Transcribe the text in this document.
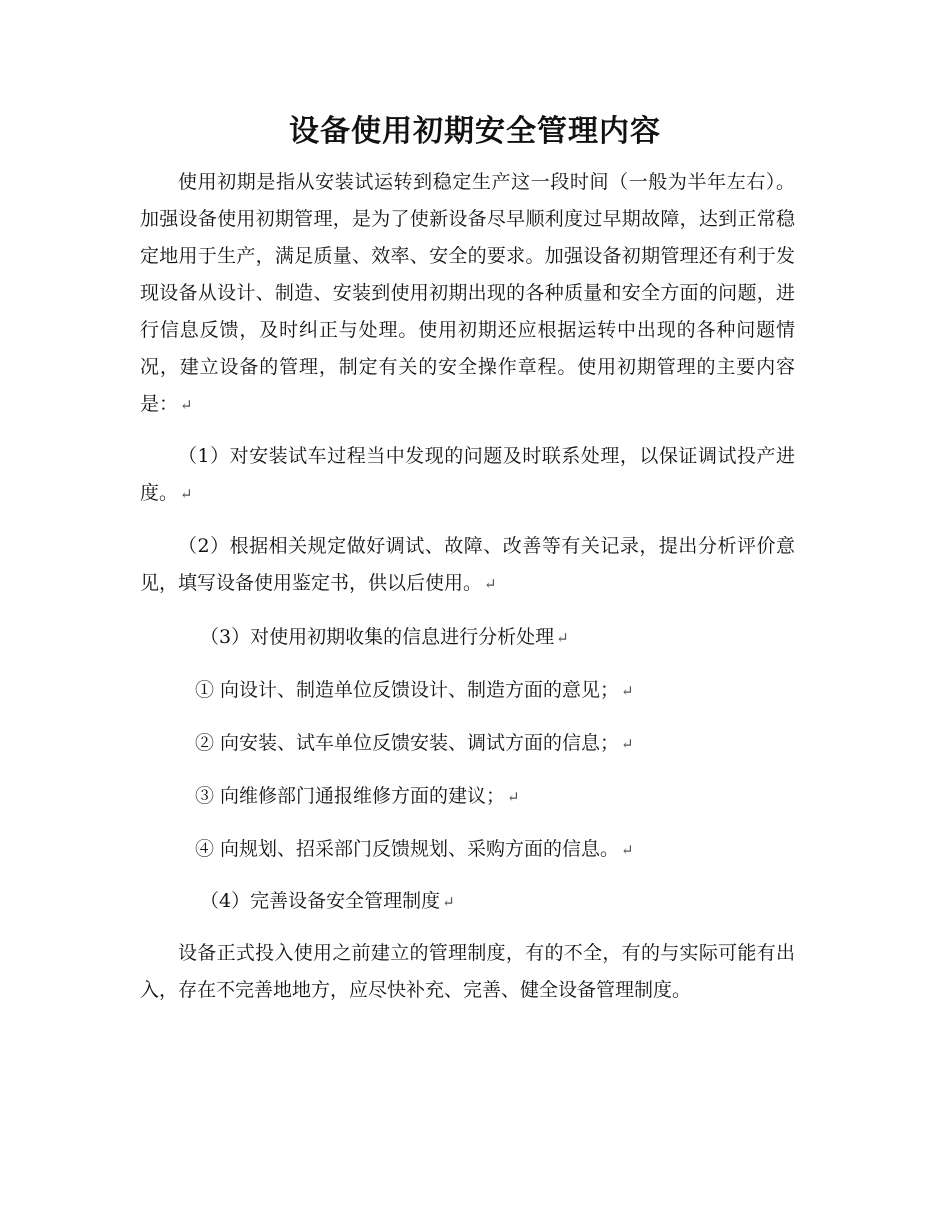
设备使用初期安全管理内容

使用初期是指从安装试运转到稳定生产这一段时间（一般为半年左右）。加强设备使用初期管理，是为了使新设备尽早顺利度过早期故障，达到正常稳定地用于生产，满足质量、效率、安全的要求。加强设备初期管理还有利于发现设备从设计、制造、安装到使用初期出现的各种质量和安全方面的问题，进行信息反馈，及时纠正与处理。使用初期还应根据运转中出现的各种问题情况，建立设备的管理，制定有关的安全操作章程。使用初期管理的主要内容是： ↵

（1）对安装试车过程当中发现的问题及时联系处理，以保证调试投产进度。 ↵

（2）根据相关规定做好调试、故障、改善等有关记录，提出分析评价意见，填写设备使用鉴定书，供以后使用。 ↵

（3）对使用初期收集的信息进行分析处理 ↵

① 向设计、制造单位反馈设计、制造方面的意见； ↵

② 向安装、试车单位反馈安装、调试方面的信息； ↵

③ 向维修部门通报维修方面的建议； ↵

④ 向规划、招采部门反馈规划、采购方面的信息。 ↵

（4）完善设备安全管理制度 ↵

设备正式投入使用之前建立的管理制度，有的不全，有的与实际可能有出入，存在不完善地地方，应尽快补充、完善、健全设备管理制度。
